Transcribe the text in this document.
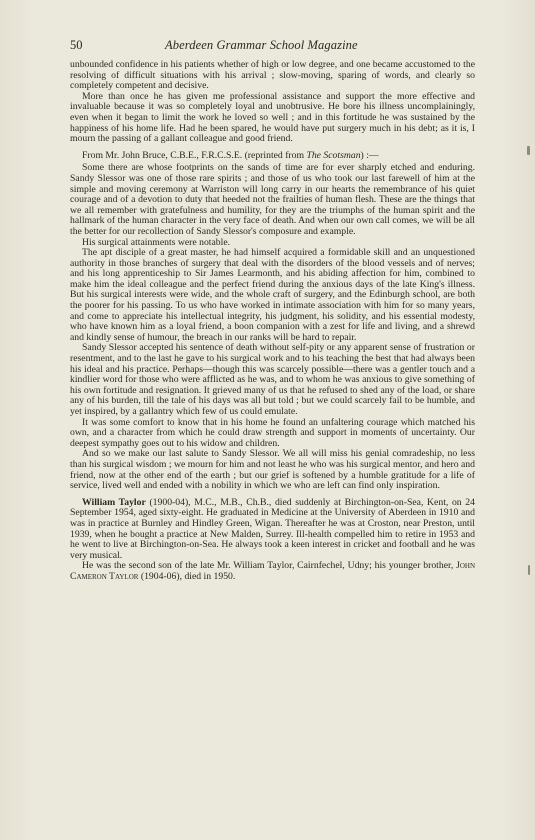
50	Aberdeen Grammar School Magazine

unbounded confidence in his patients whether of high or low degree, and one became accustomed to the resolving of difficult situations with his arrival ; slow-moving, sparing of words, and clearly so completely competent and decisive.

More than once he has given me professional assistance and support the more effective and invaluable because it was so completely loyal and unobtrusive. He bore his illness uncomplainingly, even when it began to limit the work he loved so well ; and in this fortitude he was sustained by the happiness of his home life. Had he been spared, he would have put surgery much in his debt; as it is, I mourn the passing of a gallant colleague and good friend.

From Mr. John Bruce, C.B.E., F.R.C.S.E. (reprinted from The Scotsman) :—

Some there are whose footprints on the sands of time are for ever sharply etched and enduring. Sandy Slessor was one of those rare spirits ; and those of us who took our last farewell of him at the simple and moving ceremony at Warriston will long carry in our hearts the remembrance of his quiet courage and of a devotion to duty that heeded not the frailties of human flesh. These are the things that we all remember with gratefulness and humility, for they are the triumphs of the human spirit and the hallmark of the human character in the very face of death. And when our own call comes, we will be all the better for our recollection of Sandy Slessor's composure and example.

His surgical attainments were notable.

The apt disciple of a great master, he had himself acquired a formidable skill and an unquestioned authority in those branches of surgery that deal with the disorders of the blood vessels and of nerves; and his long apprenticeship to Sir James Learmonth, and his abiding affection for him, combined to make him the ideal colleague and the perfect friend during the anxious days of the late King's illness. But his surgical interests were wide, and the whole craft of surgery, and the Edinburgh school, are both the poorer for his passing. To us who have worked in intimate association with him for so many years, and come to appreciate his intellectual integrity, his judgment, his solidity, and his essential modesty, who have known him as a loyal friend, a boon companion with a zest for life and living, and a shrewd and kindly sense of humour, the breach in our ranks will be hard to repair.

Sandy Slessor accepted his sentence of death without self-pity or any apparent sense of frustration or resentment, and to the last he gave to his surgical work and to his teaching the best that had always been his ideal and his practice. Perhaps—though this was scarcely possible—there was a gentler touch and a kindlier word for those who were afflicted as he was, and to whom he was anxious to give something of his own fortitude and resignation. It grieved many of us that he refused to shed any of the load, or share any of his burden, till the tale of his days was all but told ; but we could scarcely fail to be humble, and yet inspired, by a gallantry which few of us could emulate.

It was some comfort to know that in his home he found an unfaltering courage which matched his own, and a character from which he could draw strength and support in moments of uncertainty. Our deepest sympathy goes out to his widow and children.

And so we make our last salute to Sandy Slessor. We all will miss his genial comradeship, no less than his surgical wisdom ; we mourn for him and not least he who was his surgical mentor, and hero and friend, now at the other end of the earth ; but our grief is softened by a humble gratitude for a life of service, lived well and ended with a nobility in which we who are left can find only inspiration.

William Taylor (1900-04), M.C., M.B., Ch.B., died suddenly at Birchington-on-Sea, Kent, on 24 September 1954, aged sixty-eight. He graduated in Medicine at the University of Aberdeen in 1910 and was in practice at Burnley and Hindley Green, Wigan. Thereafter he was at Croston, near Preston, until 1939, when he bought a practice at New Malden, Surrey. Ill-health compelled him to retire in 1953 and he went to live at Birchington-on-Sea. He always took a keen interest in cricket and football and he was very musical.

He was the second son of the late Mr. William Taylor, Cairnfechel, Udny; his younger brother, John Cameron Taylor (1904-06), died in 1950.
